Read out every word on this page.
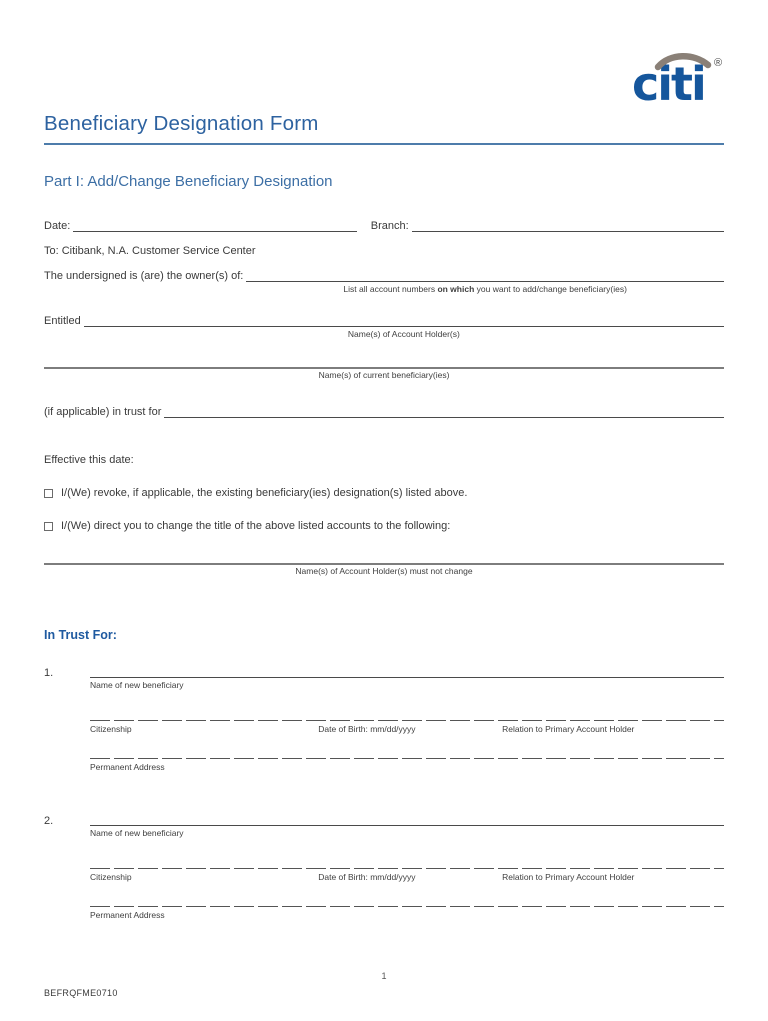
citi ®
Beneficiary Designation Form
Part I: Add/Change Beneficiary Designation
Date:	Branch:
To: Citibank, N.A. Customer Service Center
The undersigned is (are) the owner(s) of:
List all account numbers on which you want to add/change beneficiary(ies)
Entitled
Name(s) of Account Holder(s)
Name(s) of current beneficiary(ies)
(if applicable) in trust for
Effective this date:
I/(We) revoke, if applicable, the existing beneficiary(ies) designation(s) listed above.
I/(We) direct you to change the title of the above listed accounts to the following:
Name(s) of Account Holder(s) must not change
In Trust For:
1.
Name of new beneficiary
Citizenship	Date of Birth: mm/dd/yyyy	Relation to Primary Account Holder
Permanent Address
2.
Name of new beneficiary
Citizenship	Date of Birth: mm/dd/yyyy	Relation to Primary Account Holder
Permanent Address
1
BEFRQFME0710
